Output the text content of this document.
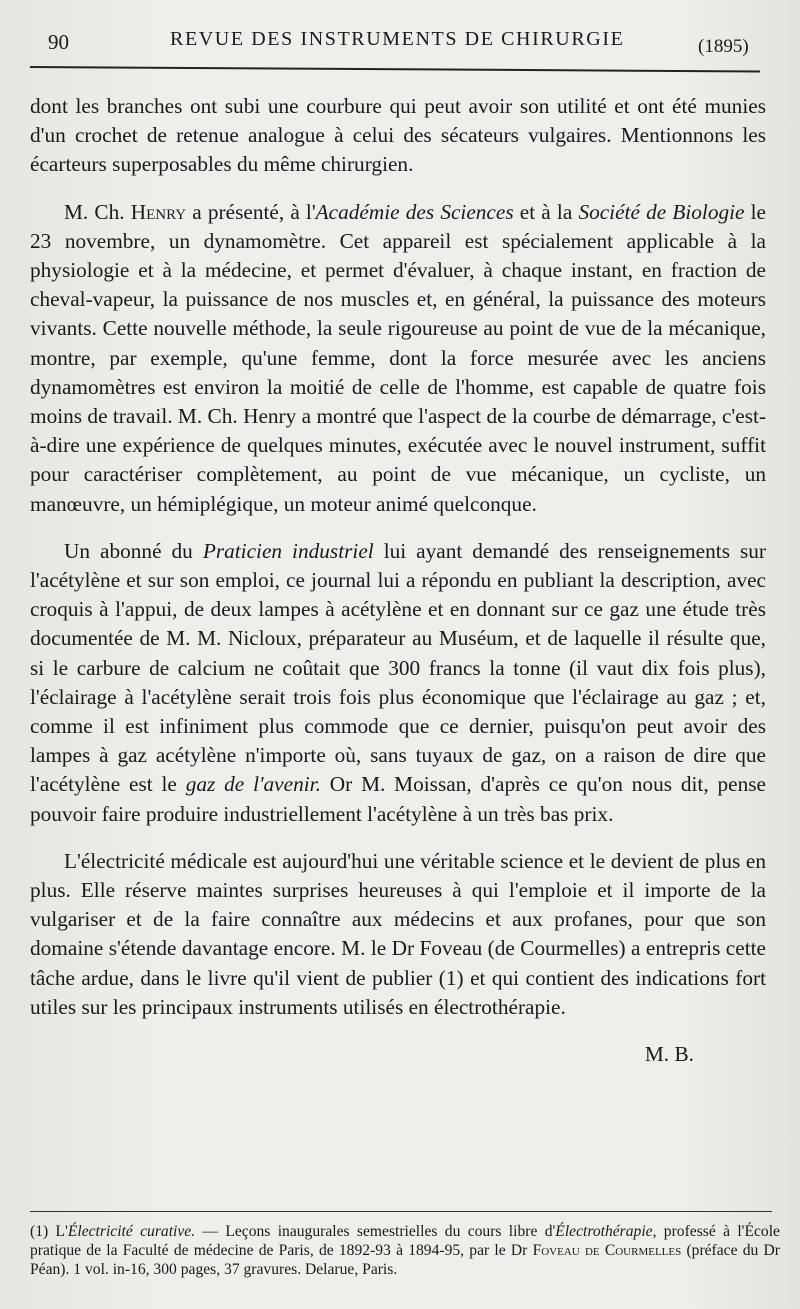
90	REVUE DES INSTRUMENTS DE CHIRURGIE	(1895)

dont les branches ont subi une courbure qui peut avoir son utilité et ont été munies d'un crochet de retenue analogue à celui des sécateurs vulgaires. Mentionnons les écarteurs superposables du même chirurgien.

M. Ch. Henry a présenté, à l'Académie des Sciences et à la Société de Biologie le 23 novembre, un dynamomètre. Cet appareil est spécialement applicable à la physiologie et à la médecine, et permet d'évaluer, à chaque instant, en fraction de cheval-vapeur, la puissance de nos muscles et, en général, la puissance des moteurs vivants. Cette nouvelle méthode, la seule rigoureuse au point de vue de la mécanique, montre, par exemple, qu'une femme, dont la force mesurée avec les anciens dynamomètres est environ la moitié de celle de l'homme, est capable de quatre fois moins de travail. M. Ch. Henry a montré que l'aspect de la courbe de démarrage, c'est-à-dire une expérience de quelques minutes, exécutée avec le nouvel instrument, suffit pour caractériser complètement, au point de vue mécanique, un cycliste, un manœuvre, un hémiplégique, un moteur animé quelconque.

Un abonné du Praticien industriel lui ayant demandé des renseignements sur l'acétylène et sur son emploi, ce journal lui a répondu en publiant la description, avec croquis à l'appui, de deux lampes à acétylène et en donnant sur ce gaz une étude très documentée de M. M. Nicloux, préparateur au Muséum, et de laquelle il résulte que, si le carbure de calcium ne coûtait que 300 francs la tonne (il vaut dix fois plus), l'éclairage à l'acétylène serait trois fois plus économique que l'éclairage au gaz ; et, comme il est infiniment plus commode que ce dernier, puisqu'on peut avoir des lampes à gaz acétylène n'importe où, sans tuyaux de gaz, on a raison de dire que l'acétylène est le gaz de l'avenir. Or M. Moissan, d'après ce qu'on nous dit, pense pouvoir faire produire industriellement l'acétylène à un très bas prix.

L'électricité médicale est aujourd'hui une véritable science et le devient de plus en plus. Elle réserve maintes surprises heureuses à qui l'emploie et il importe de la vulgariser et de la faire connaître aux médecins et aux profanes, pour que son domaine s'étende davantage encore. M. le Dr Foveau (de Courmelles) a entrepris cette tâche ardue, dans le livre qu'il vient de publier (1) et qui contient des indications fort utiles sur les principaux instruments utilisés en électrothérapie.

M. B.

(1) L'Électricité curative. — Leçons inaugurales semestrielles du cours libre d'Électrothérapie, professé à l'École pratique de la Faculté de médecine de Paris, de 1892-93 à 1894-95, par le Dr Foveau de Courmelles (préface du Dr Péan). 1 vol. in-16, 300 pages, 37 gravures. Delarue, Paris.
